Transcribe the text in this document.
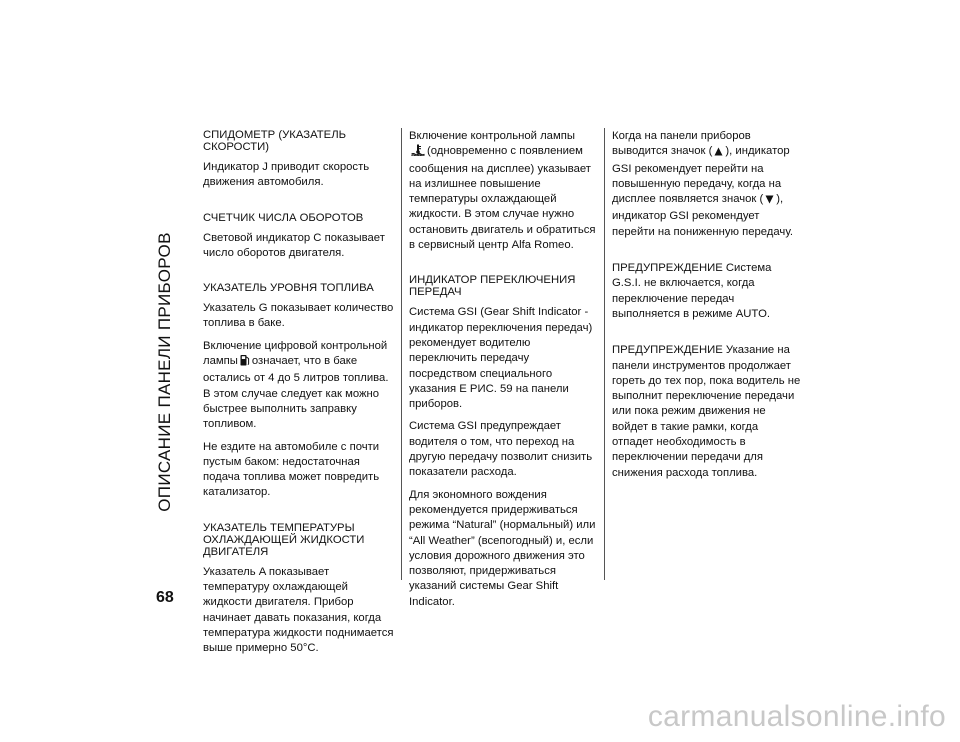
ОПИСАНИЕ ПАНЕЛИ ПРИБОРОВ
СПИДОМЕТР (УКАЗАТЕЛЬ СКОРОСТИ)

Индикатор J приводит скорость движения автомобиля.

СЧЕТЧИК ЧИСЛА ОБОРОТОВ

Световой индикатор C показывает число оборотов двигателя.

УКАЗАТЕЛЬ УРОВНЯ ТОПЛИВА

Указатель G показывает количество топлива в баке.

Включение цифровой контрольной лампы означает, что в баке остались от 4 до 5 литров топлива. В этом случае следует как можно быстрее выполнить заправку топливом.

Не ездите на автомобиле с почти пустым баком: недостаточная подача топлива может повредить катализатор.

УКАЗАТЕЛЬ ТЕМПЕРАТУРЫ ОХЛАЖДАЮЩЕЙ ЖИДКОСТИ ДВИГАТЕЛЯ

Указатель A показывает температуру охлаждающей жидкости двигателя. Прибор начинает давать показания, когда температура жидкости поднимается выше примерно 50°C.

Включение контрольной лампы
(одновременно с появлением сообщения на дисплее) указывает на излишнее повышение температуры охлаждающей жидкости. В этом случае нужно остановить двигатель и обратиться в сервисный центр Alfa Romeo.

ИНДИКАТОР ПЕРЕКЛЮЧЕНИЯ ПЕРЕДАЧ

Система GSI (Gear Shift Indicator - индикатор переключения передач) рекомендует водителю переключить передачу посредством специального указания E РИС. 59 на панели приборов.

Система GSI предупреждает водителя о том, что переход на другую передачу позволит снизить показатели расхода.

Для экономного вождения рекомендуется придерживаться режима “Natural” (нормальный) или “All Weather” (всепогодный) и, если условия дорожного движения это позволяют, придерживаться указаний системы Gear Shift Indicator.

Когда на панели приборов выводится значок ( ), индикатор GSI рекомендует перейти на повышенную передачу, когда на дисплее появляется значок ( ), индикатор GSI рекомендует перейти на пониженную передачу.

ПРЕДУПРЕЖДЕНИЕ Система G.S.I. не включается, когда переключение передач выполняется в режиме AUTO.

ПРЕДУПРЕЖДЕНИЕ Указание на панели инструментов продолжает гореть до тех пор, пока водитель не выполнит переключение передачи или пока режим движения не войдет в такие рамки, когда отпадет необходимость в переключении передачи для снижения расхода топлива.

68
carmanualsonline.info
